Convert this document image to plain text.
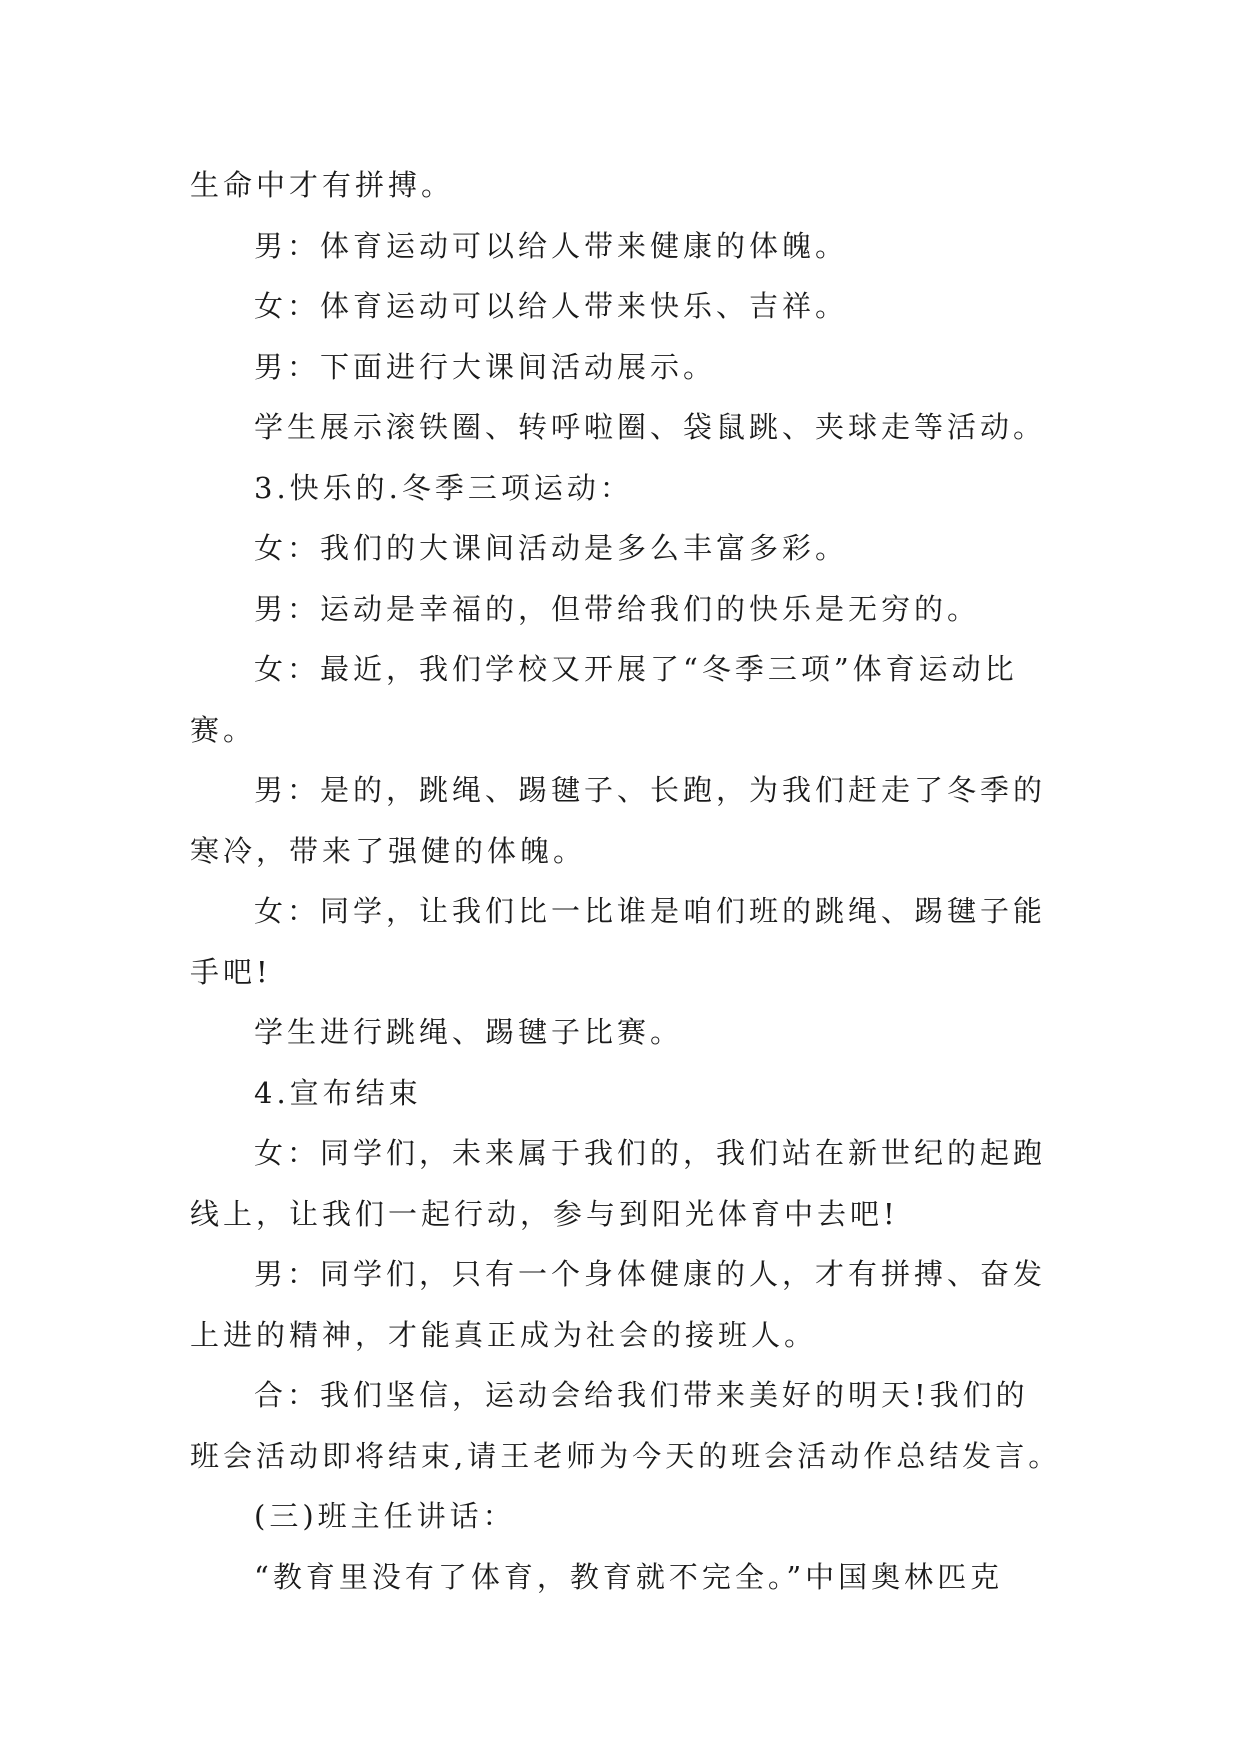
生命中才有拼搏。
男：体育运动可以给人带来健康的体魄。
女：体育运动可以给人带来快乐、吉祥。
男：下面进行大课间活动展示。
学生展示滚铁圈、转呼啦圈、袋鼠跳、夹球走等活动。
3.快乐的.冬季三项运动：
女：我们的大课间活动是多么丰富多彩。
男：运动是幸福的，但带给我们的快乐是无穷的。
女：最近，我们学校又开展了“冬季三项”体育运动比
赛。
男：是的，跳绳、踢毽子、长跑，为我们赶走了冬季的
寒冷，带来了强健的体魄。
女：同学，让我们比一比谁是咱们班的跳绳、踢毽子能
手吧!
学生进行跳绳、踢毽子比赛。
4.宣布结束
女：同学们，未来属于我们的，我们站在新世纪的起跑
线上，让我们一起行动，参与到阳光体育中去吧!
男：同学们，只有一个身体健康的人，才有拼搏、奋发
上进的精神，才能真正成为社会的接班人。
合：我们坚信，运动会给我们带来美好的明天!我们的
班会活动即将结束,请王老师为今天的班会活动作总结发言。
(三)班主任讲话：
“教育里没有了体育，教育就不完全。”中国奥林匹克
